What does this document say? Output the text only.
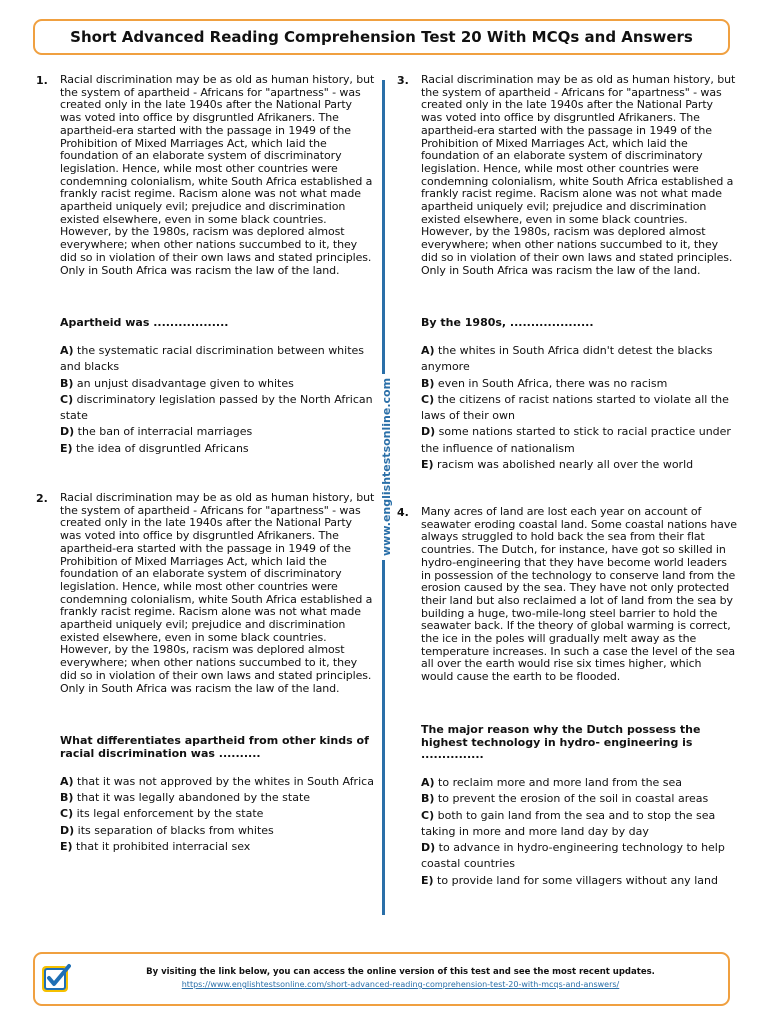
Short Advanced Reading Comprehension Test 20 With MCQs and Answers
www.englishtestsonline.com
1. Racial discrimination may be as old as human history, but the system of apartheid - Africans for "apartness" - was created only in the late 1940s after the National Party was voted into office by disgruntled Afrikaners. The apartheid-era started with the passage in 1949 of the Prohibition of Mixed Marriages Act, which laid the foundation of an elaborate system of discriminatory legislation. Hence, while most other countries were condemning colonialism, white South Africa established a frankly racist regime. Racism alone was not what made apartheid uniquely evil; prejudice and discrimination existed elsewhere, even in some black countries. However, by the 1980s, racism was deplored almost everywhere; when other nations succumbed to it, they did so in violation of their own laws and stated principles. Only in South Africa was racism the law of the land.

Apartheid was ..................

A) the systematic racial discrimination between whites and blacks
B) an unjust disadvantage given to whites
C) discriminatory legislation passed by the North African state
D) the ban of interracial marriages
E) the idea of disgruntled Africans
2. Racial discrimination may be as old as human history, but the system of apartheid - Africans for "apartness" - was created only in the late 1940s after the National Party was voted into office by disgruntled Afrikaners. The apartheid-era started with the passage in 1949 of the Prohibition of Mixed Marriages Act, which laid the foundation of an elaborate system of discriminatory legislation. Hence, while most other countries were condemning colonialism, white South Africa established a frankly racist regime. Racism alone was not what made apartheid uniquely evil; prejudice and discrimination existed elsewhere, even in some black countries. However, by the 1980s, racism was deplored almost everywhere; when other nations succumbed to it, they did so in violation of their own laws and stated principles. Only in South Africa was racism the law of the land.

What differentiates apartheid from other kinds of racial discrimination was ..........

A) that it was not approved by the whites in South Africa
B) that it was legally abandoned by the state
C) its legal enforcement by the state
D) its separation of blacks from whites
E) that it prohibited interracial sex
3. Racial discrimination may be as old as human history, but the system of apartheid - Africans for "apartness" - was created only in the late 1940s after the National Party was voted into office by disgruntled Afrikaners. The apartheid-era started with the passage in 1949 of the Prohibition of Mixed Marriages Act, which laid the foundation of an elaborate system of discriminatory legislation. Hence, while most other countries were condemning colonialism, white South Africa established a frankly racist regime. Racism alone was not what made apartheid uniquely evil; prejudice and discrimination existed elsewhere, even in some black countries. However, by the 1980s, racism was deplored almost everywhere; when other nations succumbed to it, they did so in violation of their own laws and stated principles. Only in South Africa was racism the law of the land.

By the 1980s, ....................

A) the whites in South Africa didn't detest the blacks anymore
B) even in South Africa, there was no racism
C) the citizens of racist nations started to violate all the laws of their own
D) some nations started to stick to racial practice under the influence of nationalism
E) racism was abolished nearly all over the world
4. Many acres of land are lost each year on account of seawater eroding coastal land. Some coastal nations have always struggled to hold back the sea from their flat countries. The Dutch, for instance, have got so skilled in hydro-engineering that they have become world leaders in possession of the technology to conserve land from the erosion caused by the sea. They have not only protected their land but also reclaimed a lot of land from the sea by building a huge, two-mile-long steel barrier to hold the seawater back. If the theory of global warming is correct, the ice in the poles will gradually melt away as the temperature increases. In such a case the level of the sea all over the earth would rise six times higher, which would cause the earth to be flooded.

The major reason why the Dutch possess the highest technology in hydro- engineering is ...............

A) to reclaim more and more land from the sea
B) to prevent the erosion of the soil in coastal areas
C) both to gain land from the sea and to stop the sea taking in more and more land day by day
D) to advance in hydro-engineering technology to help coastal countries
E) to provide land for some villagers without any land

By visiting the link below, you can access the online version of this test and see the most recent updates.

https://www.englishtestsonline.com/short-advanced-reading-comprehension-test-20-with-mcqs-and-answers/
